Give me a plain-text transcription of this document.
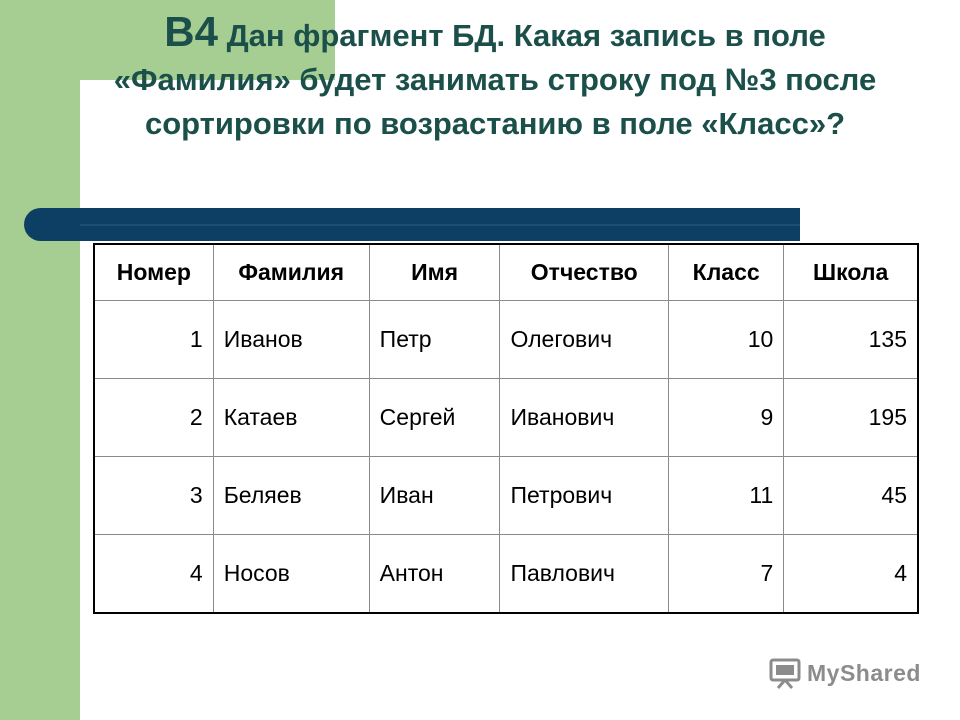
В4 Дан фрагмент БД. Какая запись в поле «Фамилия» будет занимать строку под №3 после сортировки по возрастанию в поле «Класс»?
Номер	Фамилия	Имя	Отчество	Класс	Школа
1	Иванов	Петр	Олегович	10	135
2	Катаев	Сергей	Иванович	9	195
3	Беляев	Иван	Петрович	11	45
4	Носов	Антон	Павлович	7	4
MyShared
